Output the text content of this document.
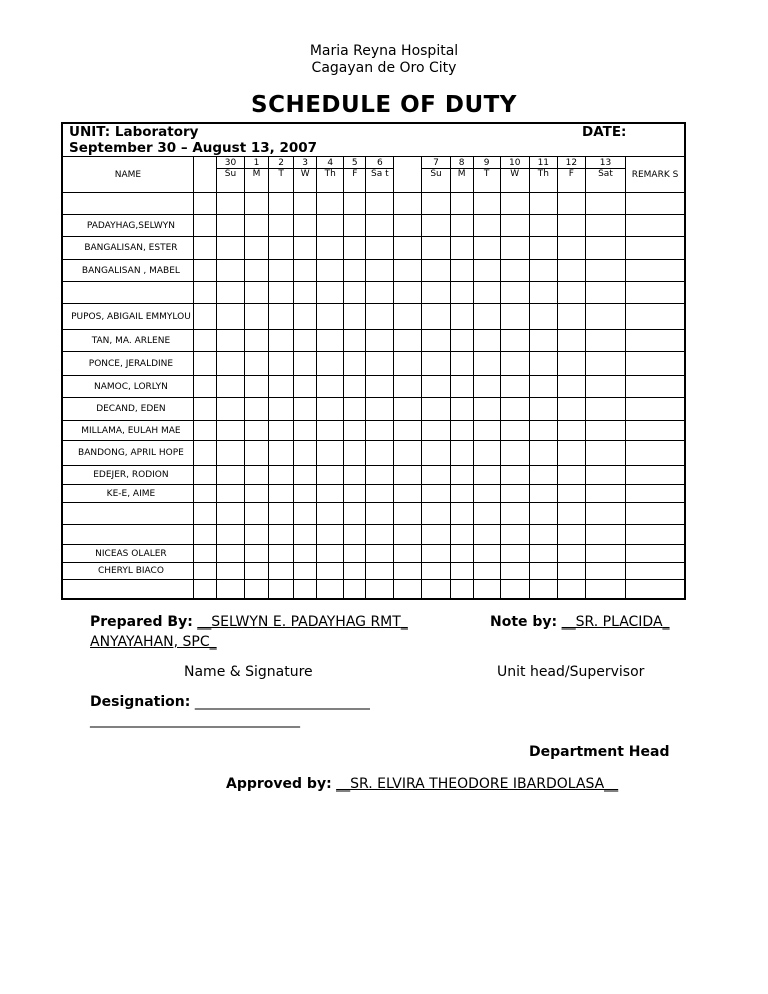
Maria Reyna Hospital
Cagayan de Oro City
SCHEDULE OF DUTY
UNIT: Laboratory
September 30 – August 13, 2007
DATE:																	

NAME		30	1	2	3	4	5	6		7	8	9	10	11	12	13	REMARK S
		Su	M	T	W	Th	F	Sa t		Su	M	T	W	Th	F	Sat	

PADAYHAG,SELWYN																	
BANGALISAN, ESTER																	
BANGALISAN , MABEL																	

PUPOS, ABIGAIL EMMYLOU																	
TAN, MA. ARLENE																	
PONCE, JERALDINE																	
NAMOC, LORLYN																	
DECAND, EDEN																	
MILLAMA, EULAH MAE																	
BANDONG, APRIL HOPE																	
EDEJER, RODION																	
KE-E, AIME																	

NICEAS OLALER																	
CHERYL BIACO																	

Prepared By: __SELWYN E. PADAYHAG RMT_	Note by: __SR. PLACIDA_
ANYAYAHAN, SPC_
Name & Signature	Unit head/Supervisor
Designation: _________________________
______________________________
Department Head
Approved by: __SR. ELVIRA THEODORE IBARDOLASA__
